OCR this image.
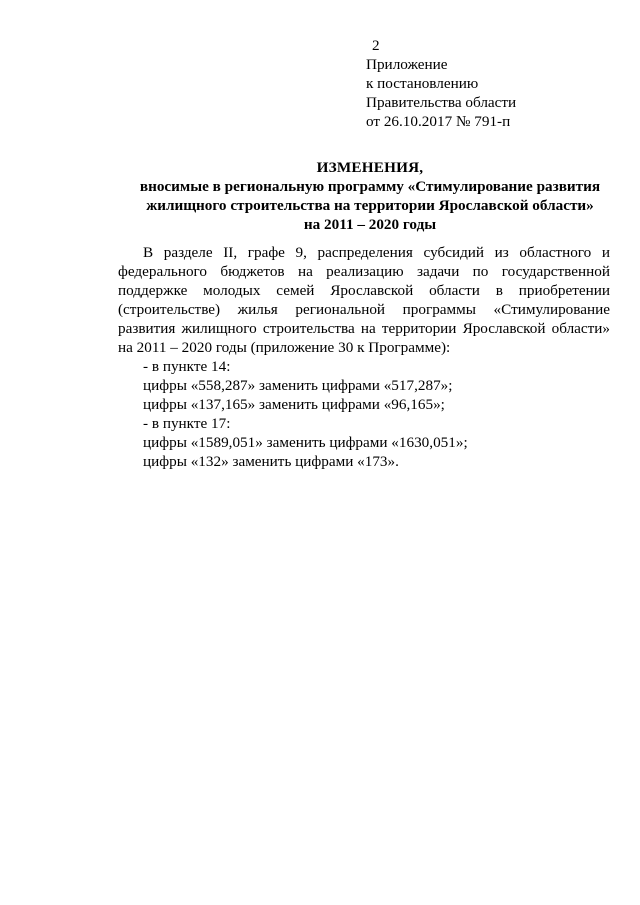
2
Приложение
к постановлению
Правительства области
от 26.10.2017 № 791-п
ИЗМЕНЕНИЯ,
вносимые в региональную программу «Стимулирование развития
жилищного строительства на территории Ярославской области»
на 2011 – 2020 годы

В разделе II, графе 9, распределения субсидий из областного и федерального бюджетов на реализацию задачи по государственной поддержке молодых семей Ярославской области в приобретении (строительстве) жилья региональной программы «Стимулирование развития жилищного строительства на территории Ярославской области» на 2011 – 2020 годы (приложение 30 к Программе):

- в пункте 14:

цифры «558,287» заменить цифрами «517,287»;

цифры «137,165» заменить цифрами «96,165»;

- в пункте 17:

цифры «1589,051» заменить цифрами «1630,051»;

цифры «132» заменить цифрами «173».
